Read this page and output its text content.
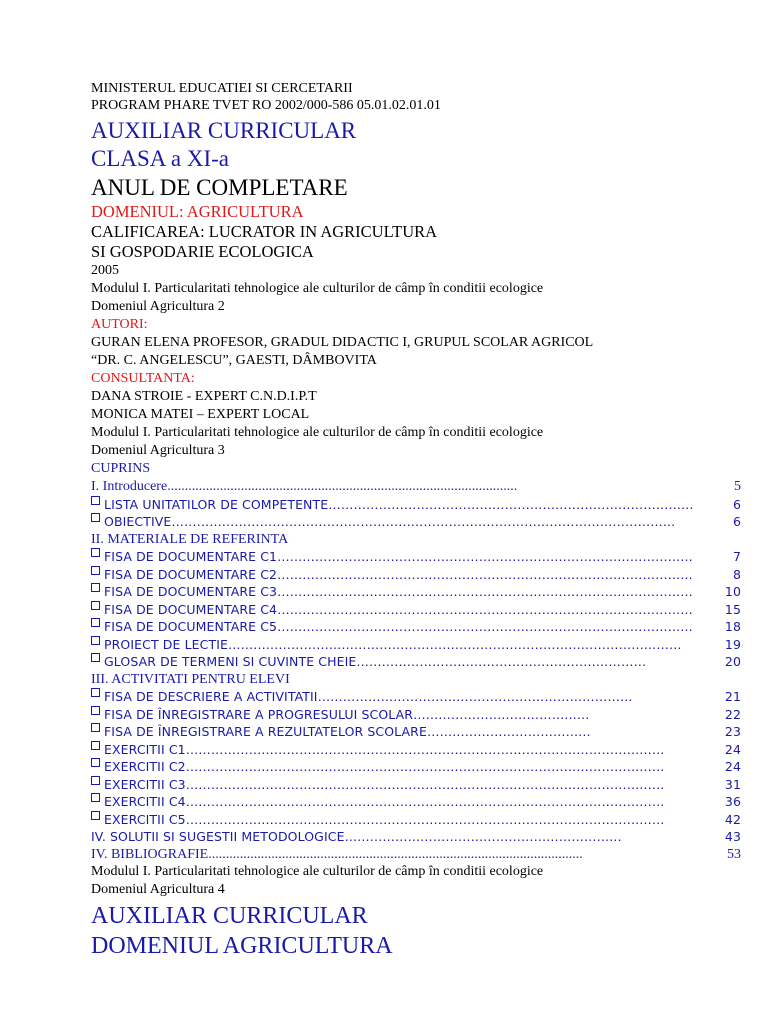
MINISTERUL EDUCATIEI SI CERCETARII
PROGRAM PHARE TVET RO 2002/000-586 05.01.02.01.01
AUXILIAR CURRICULAR
CLASA a XI-a
ANUL DE COMPLETARE
DOMENIUL: AGRICULTURA
CALIFICAREA: LUCRATOR IN AGRICULTURA
SI GOSPODARIE ECOLOGICA
2005
Modulul I. Particularitati tehnologice ale culturilor de câmp în conditii ecologice
Domeniul Agricultura 2
AUTORI:
GURAN ELENA PROFESOR, GRADUL DIDACTIC I, GRUPUL SCOLAR AGRICOL
“DR. C. ANGELESCU”, GAESTI, DÂMBOVITA
CONSULTANTA:
DANA STROIE - EXPERT C.N.D.I.P.T
MONICA MATEI – EXPERT LOCAL
Modulul I. Particularitati tehnologice ale culturilor de câmp în conditii ecologice
Domeniul Agricultura 3
CUPRINS
I. Introducere ....................................................................................................	5
LISTA UNITATILOR DE COMPETENTE ……………………………………………………………………………	6
OBIECTIVE …………………………………………………………………………………………………………	6
II. MATERIALE DE REFERINTA
FISA DE DOCUMENTARE C1 ………………………………………………………………………………………	7
FISA DE DOCUMENTARE C2 ………………………………………………………………………………………	8
FISA DE DOCUMENTARE C3 ………………………………………………………………………………………	10
FISA DE DOCUMENTARE C4 ………………………………………………………………………………………	15
FISA DE DOCUMENTARE C5 ………………………………………………………………………………………	18
PROIECT DE LECTIE ………………………………………………………………………………………………	19
GLOSAR DE TERMENI SI CUVINTE CHEIE ……………………………………………………………	20
III. ACTIVITATI PENTRU ELEVI
FISA DE DESCRIERE A ACTIVITATII …………………………………………………………………	21
FISA DE ÎNREGISTRARE A PROGRESULUI SCOLAR ……………………………………	22
FISA DE ÎNREGISTRARE A REZULTATELOR SCOLARE …………………………………	23
EXERCITII C1 ……………………………………………………………………………………………………	24
EXERCITII C2 ……………………………………………………………………………………………………	24
EXERCITII C3 ……………………………………………………………………………………………………	31
EXERCITII C4 ……………………………………………………………………………………………………	36
EXERCITII C5 ……………………………………………………………………………………………………	42
IV. SOLUTII SI SUGESTII METODOLOGICE …………………………………………………………	43
IV. BIBLIOGRAFIE ...........................................................................................................	53
Modulul I. Particularitati tehnologice ale culturilor de câmp în conditii ecologice
Domeniul Agricultura 4
AUXILIAR CURRICULAR
DOMENIUL AGRICULTURA
